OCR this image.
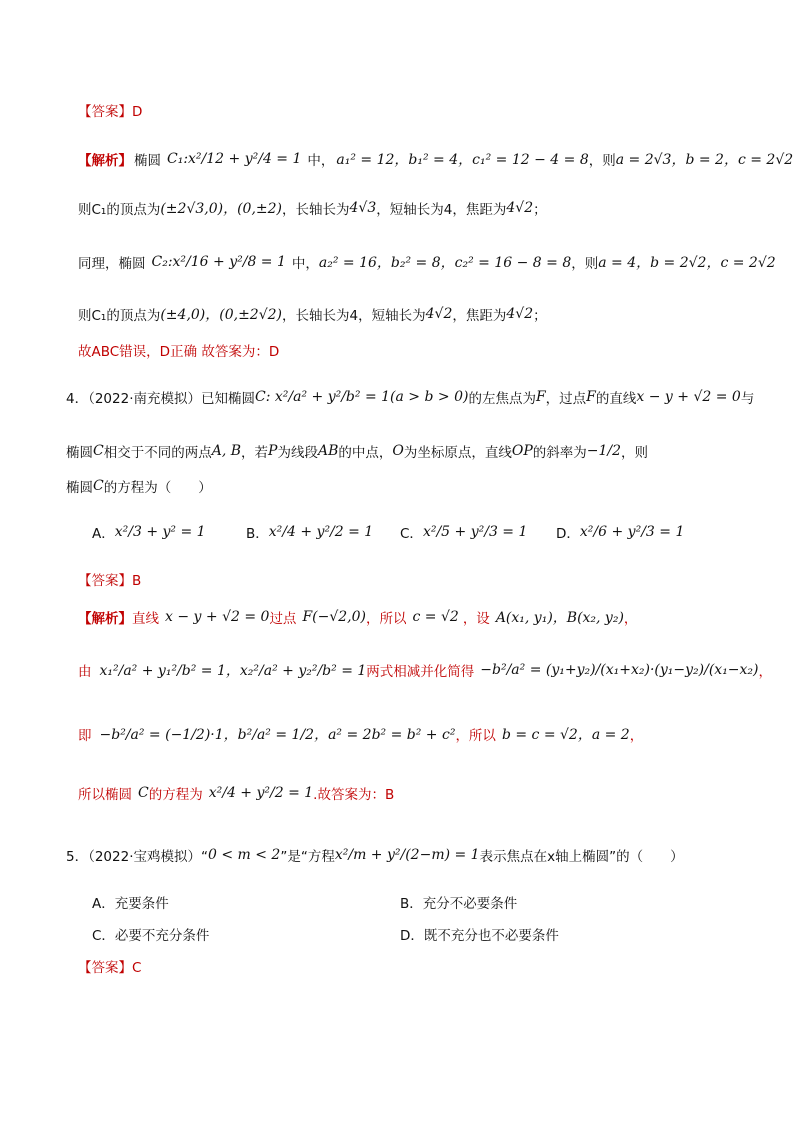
【答案】D
【解析】 椭圆 C₁:x²/12 + y²/4 = 1 中， a₁² = 12，b₁² = 4，c₁² = 12 − 4 = 8 ，则 a = 2√3，b = 2，c = 2√2
则C₁的顶点为 (±2√3,0)，(0,±2) ，长轴长为 4√3 ，短轴长为4，焦距为 4√2 ；
同理，椭圆 C₂:x²/16 + y²/8 = 1 中， a₂² = 16，b₂² = 8，c₂² = 16 − 8 = 8 ，则 a = 4，b = 2√2，c = 2√2
则C₁的顶点为 (±4,0)，(0,±2√2) ，长轴长为4，短轴长为 4√2 ，焦距为 4√2 ；
故ABC错误，D正确 故答案为：D
4．（2022·南充模拟）已知椭圆 C: x²/a² + y²/b² = 1(a > b > 0) 的左焦点为 F ，过点 F 的直线 x − y + √2 = 0 与
椭圆 C 相交于不同的两点 A, B ，若 P 为线段 AB 的中点， O 为坐标原点，直线 OP 的斜率为 −1/2 ，则
椭圆 C 的方程为（　　）
A． x²/3 + y² = 1	B． x²/4 + y²/2 = 1 C． x²/5 + y²/3 = 1 D． x²/6 + y²/3 = 1
【答案】B
【解析】 直线 x − y + √2 = 0 过点 F(−√2,0) ，所以 c = √2 ，设 A(x₁, y₁)，B(x₂, y₂) ，
由 x₁²/a² + y₁²/b² = 1，x₂²/a² + y₂²/b² = 1 两式相减并化简得 −b²/a² = (y₁+y₂)/(x₁+x₂)·(y₁−y₂)/(x₁−x₂) ，
即 −b²/a² = (−1/2)·1，b²/a² = 1/2，a² = 2b² = b² + c² ，所以 b = c = √2，a = 2 ，
所以椭圆 C 的方程为 x²/4 + y²/2 = 1 .故答案为：B
5．（2022·宝鸡模拟）“ 0 < m < 2 ”是“方程 x²/m + y²/(2−m) = 1 表示焦点在x轴上椭圆”的（　　）
A．充要条件	B．充分不必要条件
C．必要不充分条件	D．既不充分也不必要条件
【答案】C
